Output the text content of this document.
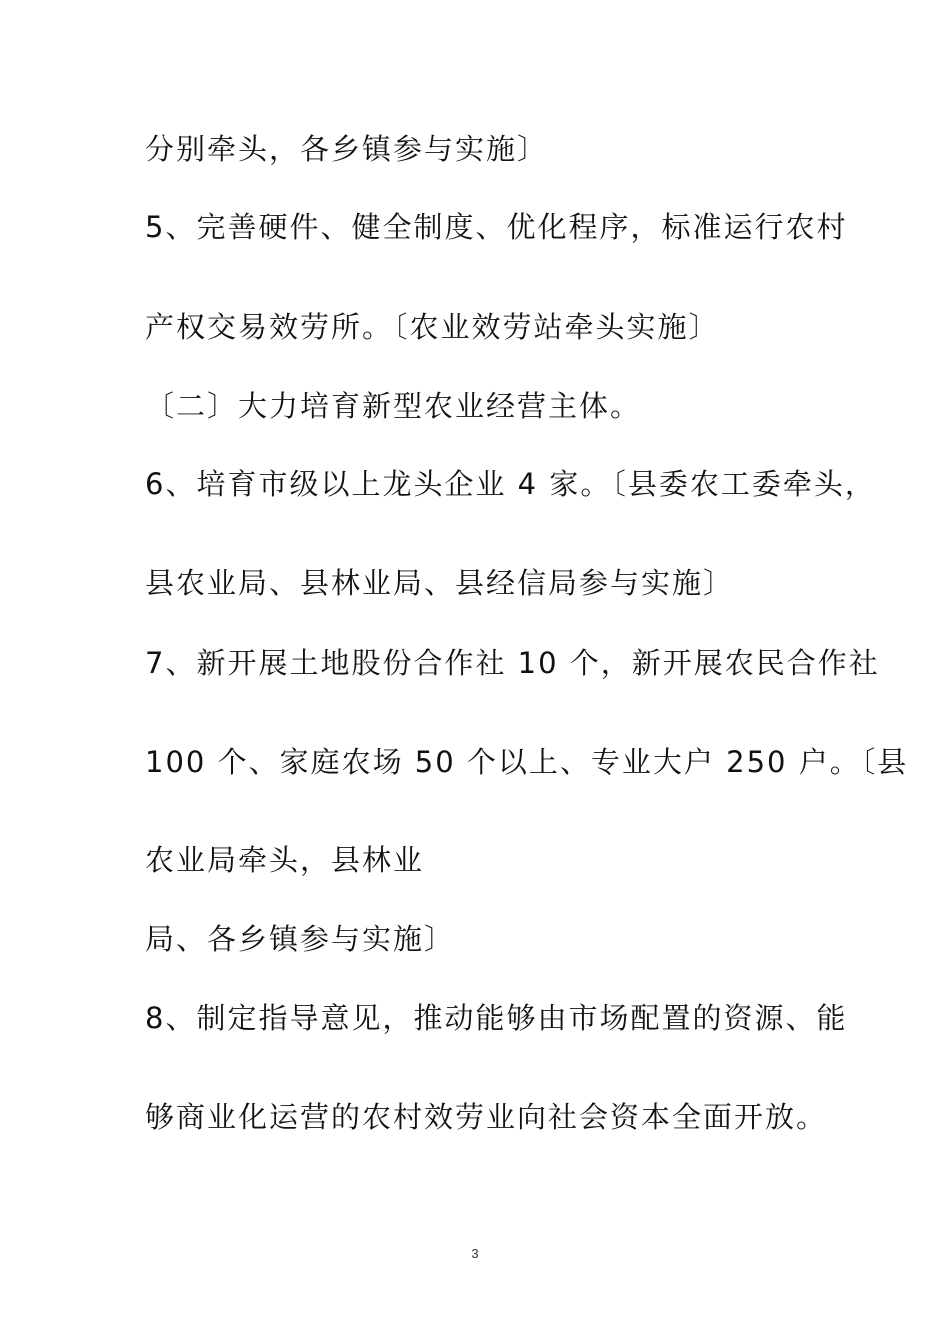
分别牵头，各乡镇参与实施〕
5、完善硬件、健全制度、优化程序，标准运行农村
产权交易效劳所。〔农业效劳站牵头实施〕
〔二〕大力培育新型农业经营主体。
6、培育市级以上龙头企业 4 家。〔县委农工委牵头，
县农业局、县林业局、县经信局参与实施〕
7、新开展土地股份合作社 10 个，新开展农民合作社
100 个、家庭农场 50 个以上、专业大户 250 户。〔县
农业局牵头，县林业
局、各乡镇参与实施〕
8、制定指导意见，推动能够由市场配置的资源、能
够商业化运营的农村效劳业向社会资本全面开放。
3
